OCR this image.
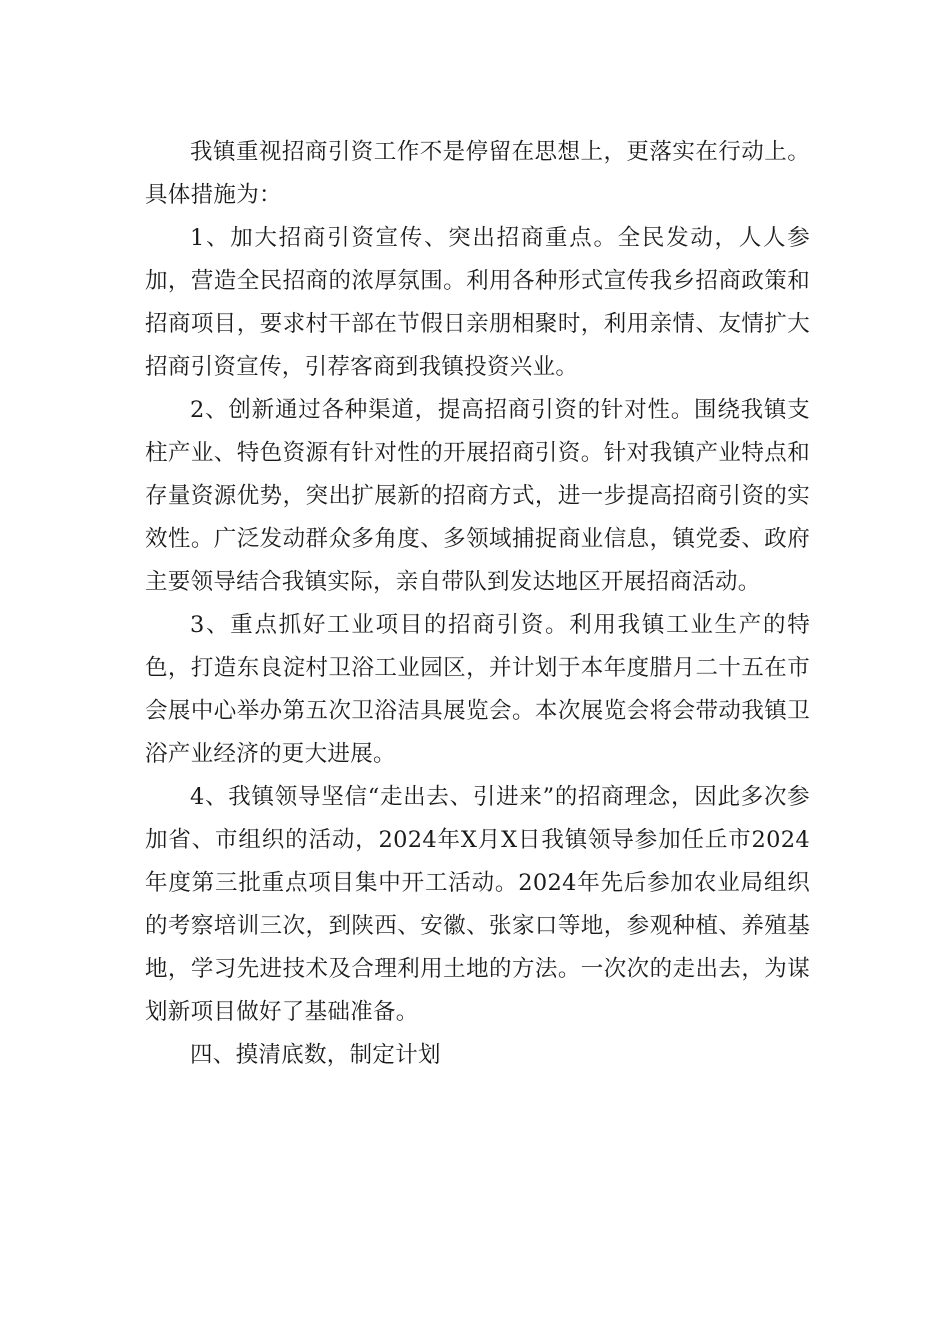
我镇重视招商引资工作不是停留在思想上，更落实在行动上。具体措施为：

1、加大招商引资宣传、突出招商重点。全民发动，人人参加，营造全民招商的浓厚氛围。利用各种形式宣传我乡招商政策和招商项目，要求村干部在节假日亲朋相聚时，利用亲情、友情扩大招商引资宣传，引荐客商到我镇投资兴业。

2、创新通过各种渠道，提高招商引资的针对性。围绕我镇支柱产业、特色资源有针对性的开展招商引资。针对我镇产业特点和存量资源优势，突出扩展新的招商方式，进一步提高招商引资的实效性。广泛发动群众多角度、多领域捕捉商业信息，镇党委、政府主要领导结合我镇实际，亲自带队到发达地区开展招商活动。

3、重点抓好工业项目的招商引资。利用我镇工业生产的特色，打造东良淀村卫浴工业园区，并计划于本年度腊月二十五在市会展中心举办第五次卫浴洁具展览会。本次展览会将会带动我镇卫浴产业经济的更大进展。

4、我镇领导坚信“走出去、引进来”的招商理念，因此多次参加省、市组织的活动，2024年X月X日我镇领导参加任丘市2024年度第三批重点项目集中开工活动。2024年先后参加农业局组织的考察培训三次，到陕西、安徽、张家口等地，参观种植、养殖基地，学习先进技术及合理利用土地的方法。一次次的走出去，为谋划新项目做好了基础准备。

四、摸清底数，制定计划
